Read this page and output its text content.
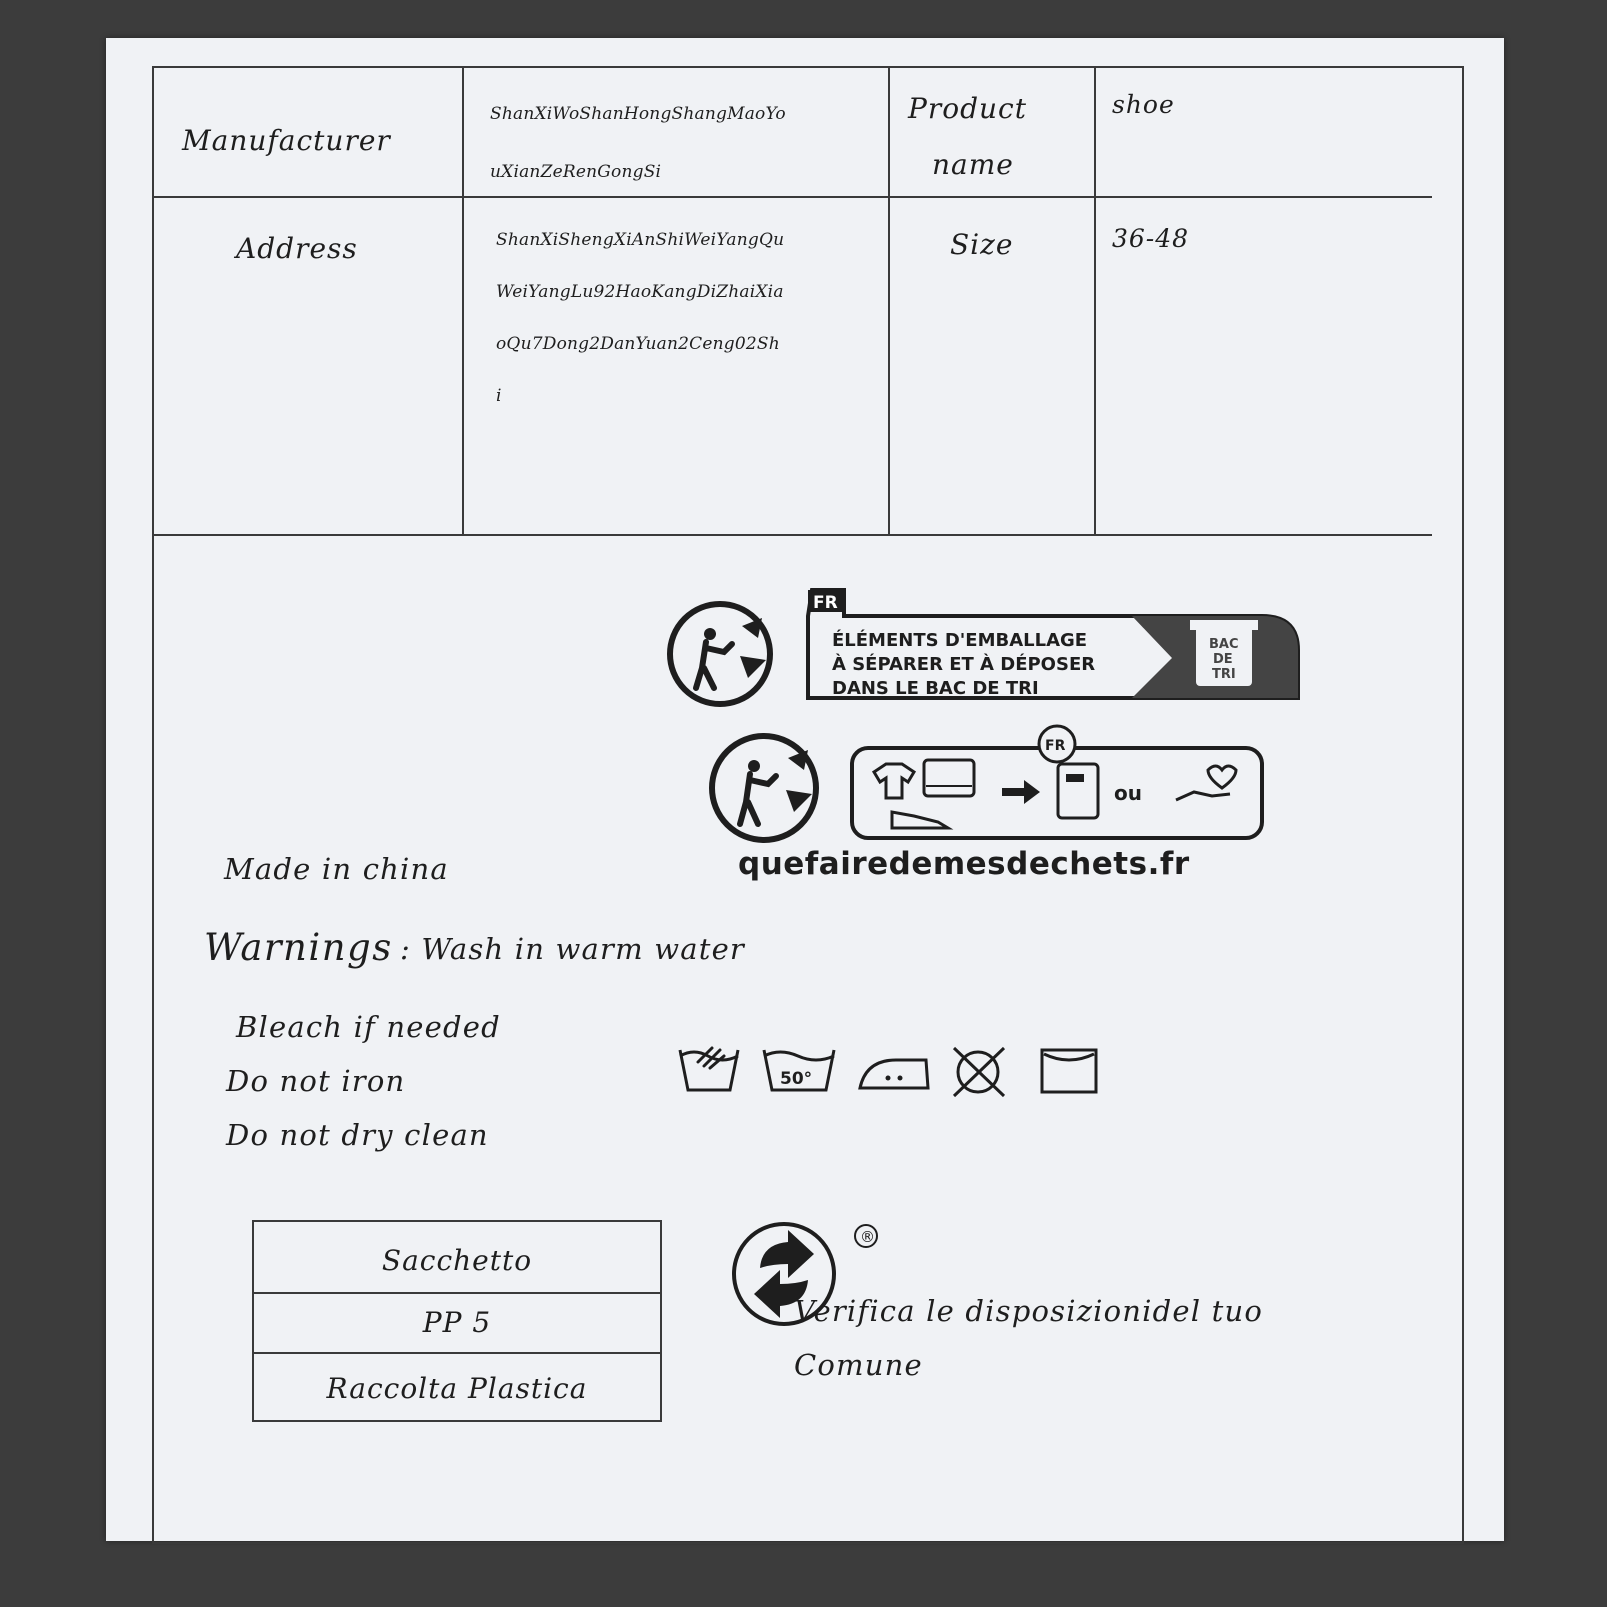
Manufacturer
ShanXiWoShanHongShangMaoYo
uXianZeRenGongSi
Product
name
shoe
Address	ShanXiShengXiAnShiWeiYangQu
WeiYangLu92HaoKangDiZhaiXia
oQu7Dong2DanYuan2Ceng02Sh
i
Size	36-48
FR
BAC
DE
TRI
ÉLÉMENTS D'EMBALLAGE
À SÉPARER ET À DÉPOSER
DANS LE BAC DE TRI
FR
ou
quefairedemesdechets.fr
Made in china
Warnings : Wash in warm water
Bleach if needed
Do not iron
Do not dry clean
50°
Sacchetto
PP 5
Raccolta Plastica
®
Verifica le disposizionidel tuo
Comune
